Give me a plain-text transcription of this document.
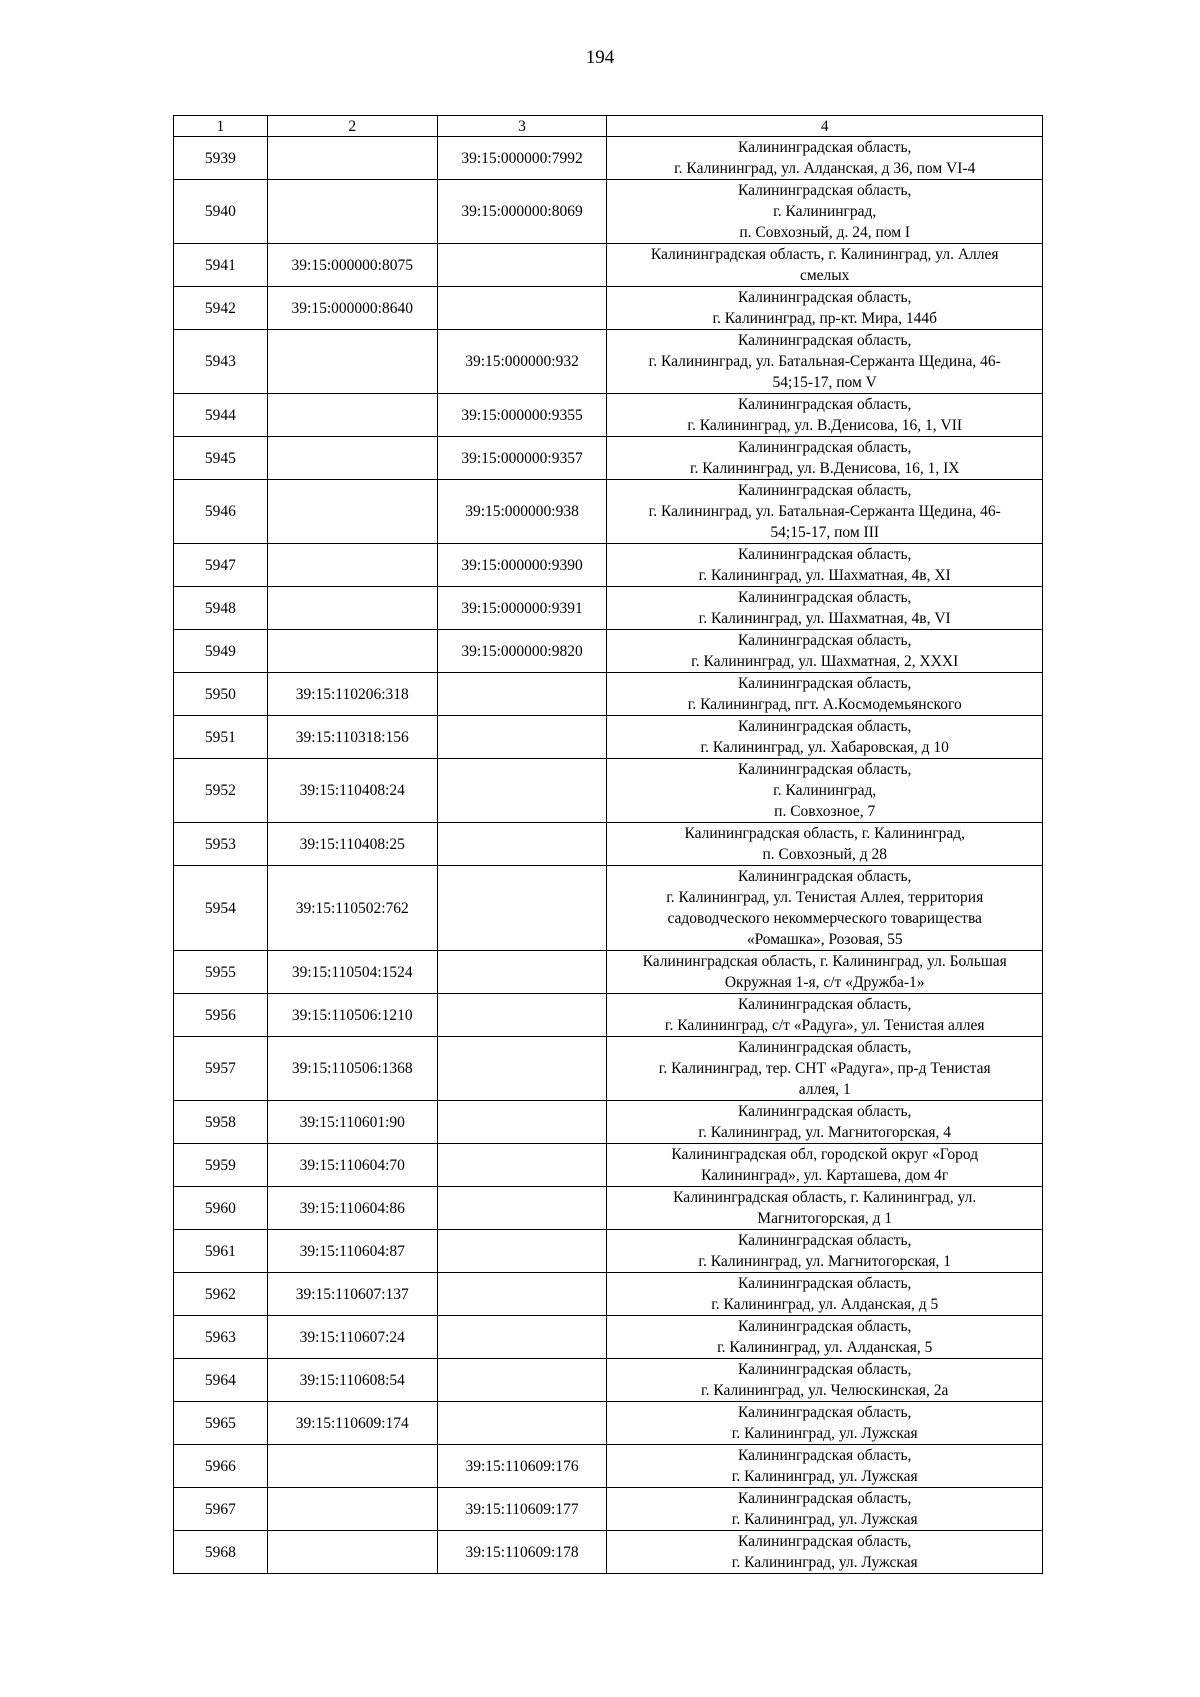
194
1	2	3	4
5939		39:15:000000:7992	Калининградская область,
г. Калининград, ул. Алданская, д 36, пом VI-4

5940		39:15:000000:8069	Калининградская область,
г. Калининград,
п. Совхозный, д. 24, пом I

5941	39:15:000000:8075		Калининградская область, г. Калининград, ул. Аллея
смелых

5942	39:15:000000:8640		Калининградская область,
г. Калининград, пр-кт. Мира, 144б

5943		39:15:000000:932	Калининградская область,
г. Калининград, ул. Батальная-Сержанта Щедина, 46-
54;15-17, пом V

5944		39:15:000000:9355	Калининградская область,
г. Калининград, ул. В.Денисова, 16, 1, VII

5945		39:15:000000:9357	Калининградская область,
г. Калининград, ул. В.Денисова, 16, 1, IX

5946		39:15:000000:938	Калининградская область,
г. Калининград, ул. Батальная-Сержанта Щедина, 46-
54;15-17, пом III

5947		39:15:000000:9390	Калининградская область,
г. Калининград, ул. Шахматная, 4в, XI

5948		39:15:000000:9391	Калининградская область,
г. Калининград, ул. Шахматная, 4в, VI

5949		39:15:000000:9820	Калининградская область,
г. Калининград, ул. Шахматная, 2, XXXI

5950	39:15:110206:318		Калининградская область,
г. Калининград, пгт. А.Космодемьянского

5951	39:15:110318:156		Калининградская область,
г. Калининград, ул. Хабаровская, д 10

5952	39:15:110408:24		Калининградская область,
г. Калининград,
п. Совхозное, 7

5953	39:15:110408:25		Калининградская область, г. Калининград,
п. Совхозный, д 28

5954	39:15:110502:762		Калининградская область,
г. Калининград, ул. Тенистая Аллея, территория
садоводческого некоммерческого товарищества
«Ромашка», Розовая, 55

5955	39:15:110504:1524		Калининградская область, г. Калининград, ул. Большая
Окружная 1-я, с/т «Дружба-1»

5956	39:15:110506:1210		Калининградская область,
г. Калининград, с/т «Радуга», ул. Тенистая аллея

5957	39:15:110506:1368		Калининградская область,
г. Калининград, тер. СНТ «Радуга», пр-д Тенистая
аллея, 1

5958	39:15:110601:90		Калининградская область,
г. Калининград, ул. Магнитогорская, 4

5959	39:15:110604:70		Калининградская обл, городской округ «Город
Калининград», ул. Карташева, дом 4г

5960	39:15:110604:86		Калининградская область, г. Калининград, ул.
Магнитогорская, д 1

5961	39:15:110604:87		Калининградская область,
г. Калининград, ул. Магнитогорская, 1

5962	39:15:110607:137		Калининградская область,
г. Калининград, ул. Алданская, д 5

5963	39:15:110607:24		Калининградская область,
г. Калининград, ул. Алданская, 5

5964	39:15:110608:54		Калининградская область,
г. Калининград, ул. Челюскинская, 2а

5965	39:15:110609:174		Калининградская область,
г. Калининград, ул. Лужская

5966		39:15:110609:176	Калининградская область,
г. Калининград, ул. Лужская

5967		39:15:110609:177	Калининградская область,
г. Калининград, ул. Лужская

5968		39:15:110609:178	Калининградская область,
г. Калининград, ул. Лужская
